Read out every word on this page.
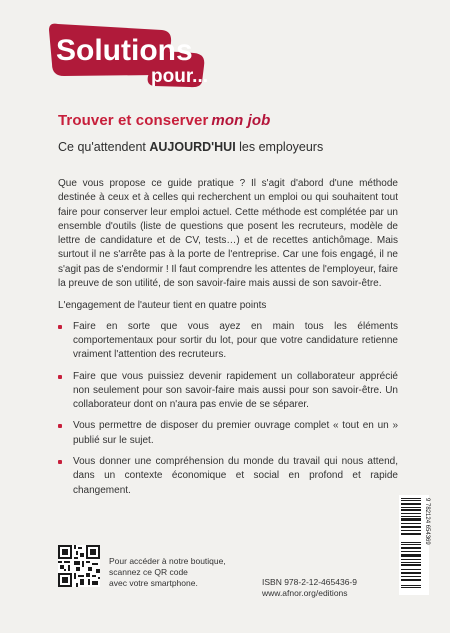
Solutions
pour...
Trouver et conserver mon job
Ce qu'attendent AUJOURD'HUI les employeurs

Que vous propose ce guide pratique ? Il s'agit d'abord d'une méthode destinée à ceux et à celles qui recherchent un emploi ou qui souhaitent tout faire pour conserver leur emploi actuel. Cette méthode est complétée par un ensemble d'outils (liste de questions que posent les recruteurs, modèle de lettre de candidature et de CV, tests…) et de recettes antichômage. Mais surtout il ne s'arrête pas à la porte de l'entreprise. Car une fois engagé, il ne s'agit pas de s'endormir ! Il faut comprendre les attentes de l'employeur, faire la preuve de son utilité, de son savoir-faire mais aussi de son savoir-être.

L'engagement de l'auteur tient en quatre points

Faire en sorte que vous ayez en main tous les éléments comportementaux pour sortir du lot, pour que votre candidature retienne vraiment l'attention des recruteurs.
Faire que vous puissiez devenir rapidement un collaborateur apprécié non seulement pour son savoir-faire mais aussi pour son savoir-être. Un collaborateur dont on n'aura pas envie de se séparer.
Vous permettre de disposer du premier ouvrage complet « tout en un » publié sur le sujet.
Vous donner une compréhension du monde du travail qui nous attend, dans un contexte économique et social en profond et rapide changement.
Pour accéder à notre boutique,
scannez ce QR code
avec votre smartphone.	ISBN 978-2-12-465436-9
www.afnor.org/editions
9 782124 654369
